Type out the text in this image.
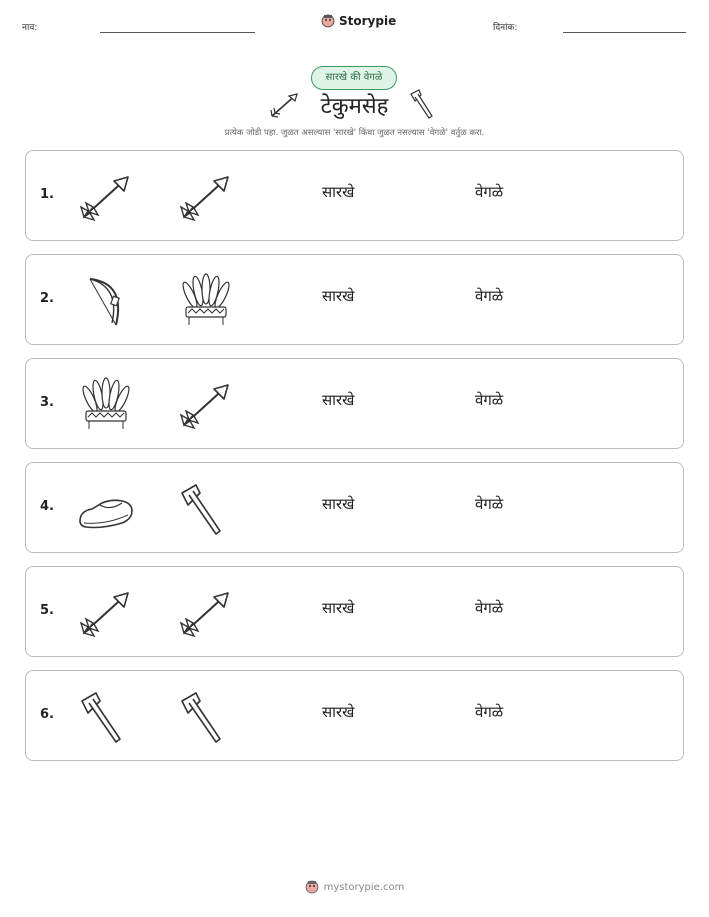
नाव:	Storypie	दिनांक:
सारखे की वेगळे
टेकुमसेह
प्रत्येक जोडी पहा. जुळत असल्यास 'सारखे' किंवा जुळत नसल्यास 'वेगळे' वर्तुळ करा.
1.	सारखे	वेगळे
2.	सारखे	वेगळे
3.	सारखे	वेगळे
4.	सारखे	वेगळे
5.	सारखे	वेगळे
6.	सारखे	वेगळे
mystorypie.com
